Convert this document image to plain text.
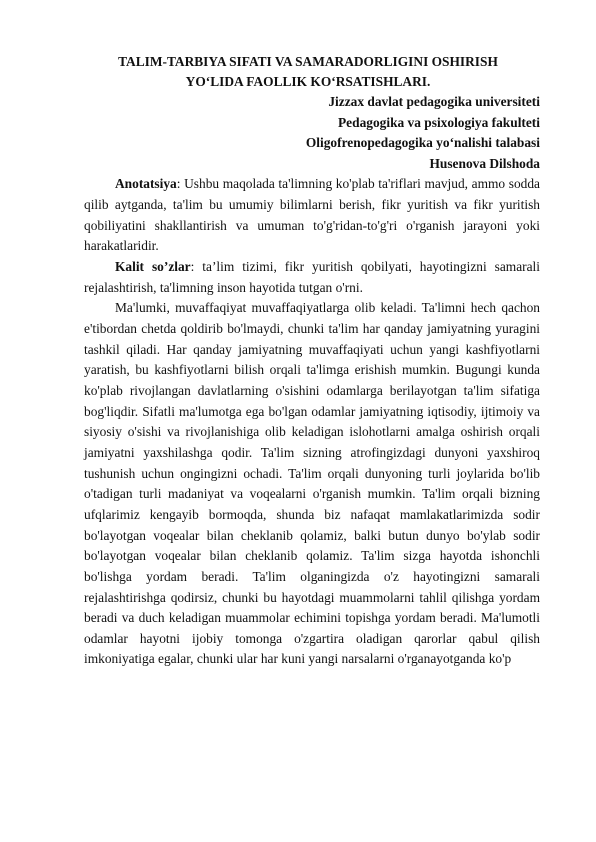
TALIM-TARBIYA SIFATI VA SAMARADORLIGINI OSHIRISH

YO‘LIDA FAOLLIK KO‘RSATISHLARI.

Jizzax davlat pedagogika universiteti

Pedagogika va psixologiya fakulteti

Oligofrenopedagogika yo‘nalishi talabasi

Husenova Dilshoda

Anotatsiya: Ushbu maqolada ta'limning ko'plab ta'riflari mavjud, ammo sodda qilib aytganda, ta'lim bu umumiy bilimlarni berish, fikr yuritish va fikr yuritish qobiliyatini shakllantirish va umuman to'g'ridan-to'g'ri o'rganish jarayoni yoki harakatlaridir.

Kalit so’zlar: ta’lim tizimi, fikr yuritish qobilyati, hayotingizni samarali rejalashtirish, ta'limning inson hayotida tutgan o'rni.

Ma'lumki, muvaffaqiyat muvaffaqiyatlarga olib keladi. Ta'limni hech qachon e'tibordan chetda qoldirib bo'lmaydi, chunki ta'lim har qanday jamiyatning yuragini tashkil qiladi. Har qanday jamiyatning muvaffaqiyati uchun yangi kashfiyotlarni yaratish, bu kashfiyotlarni bilish orqali ta'limga erishish mumkin. Bugungi kunda ko'plab rivojlangan davlatlarning o'sishini odamlarga berilayotgan ta'lim sifatiga bog'liqdir. Sifatli ma'lumotga ega bo'lgan odamlar jamiyatning iqtisodiy, ijtimoiy va siyosiy o'sishi va rivojlanishiga olib keladigan islohotlarni amalga oshirish orqali jamiyatni yaxshilashga qodir. Ta'lim sizning atrofingizdagi dunyoni yaxshiroq tushunish uchun ongingizni ochadi. Ta'lim orqali dunyoning turli joylarida bo'lib o'tadigan turli madaniyat va voqealarni o'rganish mumkin. Ta'lim orqali bizning ufqlarimiz kengayib bormoqda, shunda biz nafaqat mamlakatlarimizda sodir bo'layotgan voqealar bilan cheklanib qolamiz, balki butun dunyo bo'ylab sodir bo'layotgan voqealar bilan cheklanib qolamiz. Ta'lim sizga hayotda ishonchli bo'lishga yordam beradi. Ta'lim olganingizda o'z hayotingizni samarali rejalashtirishga qodirsiz, chunki bu hayotdagi muammolarni tahlil qilishga yordam beradi va duch keladigan muammolar echimini topishga yordam beradi. Ma'lumotli odamlar hayotni ijobiy tomonga o'zgartira oladigan qarorlar qabul qilish imkoniyatiga egalar, chunki ular har kuni yangi narsalarni o'rganayotganda ko'p
